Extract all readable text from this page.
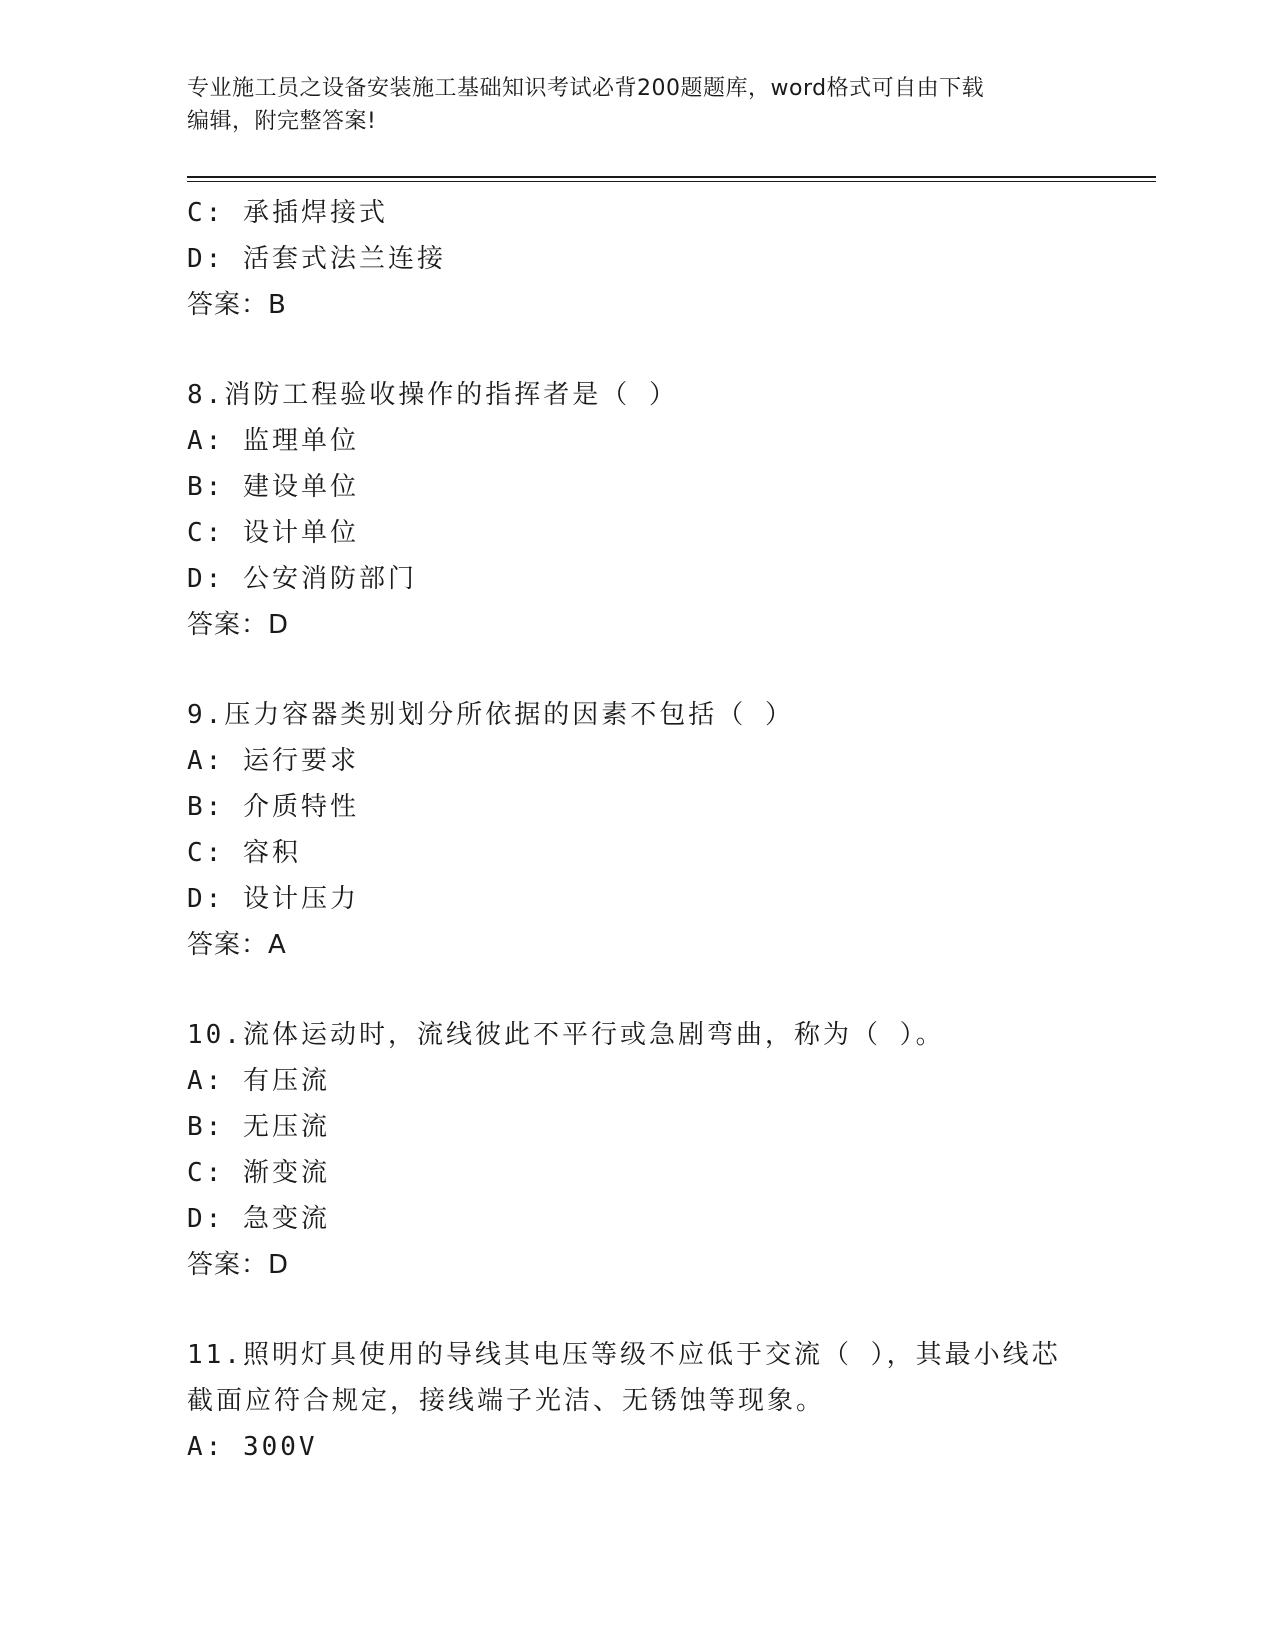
专业施工员之设备安装施工基础知识考试必背200题题库，word格式可自由下载
编辑，附完整答案!
C: 承插焊接式
D: 活套式法兰连接
答案：B
8.消防工程验收操作的指挥者是（ ）
A: 监理单位
B: 建设单位
C: 设计单位
D: 公安消防部门
答案：D
9.压力容器类别划分所依据的因素不包括（ ）
A: 运行要求
B: 介质特性
C: 容积
D: 设计压力
答案：A
10.流体运动时，流线彼此不平行或急剧弯曲，称为（ ）。
A: 有压流
B: 无压流
C: 渐变流
D: 急变流
答案：D
11.照明灯具使用的导线其电压等级不应低于交流（ ），其最小线芯
截面应符合规定，接线端子光洁、无锈蚀等现象。
A: 300V
